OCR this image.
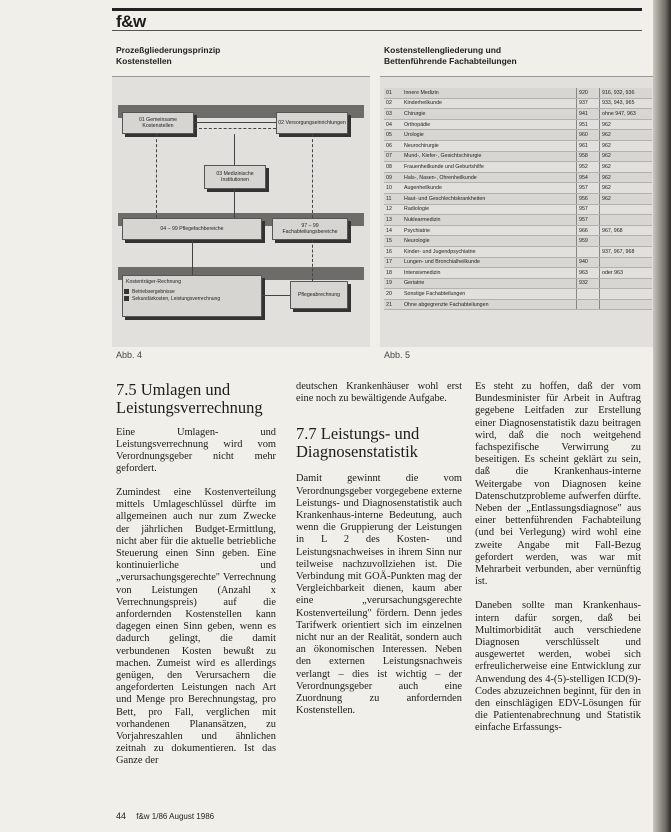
f&w
Prozeßgliederungsprinzip
Kostenstellen
01 Gemeinsame Kostenstellen
02 Versorgungseinrichtungen
03 Medizinische Institutionen
04 – 99 Pflegefachbereiche
97 – 99 Fachabteilungsbereiche
Kostenträger-Rechnung
Betriebsergebnisse
Sekundärkosten, Leistungsverrechnung
Pflegeabrechnung
Abb. 4
Kostenstellengliederung und
Bettenführende Fachabteilungen
01	Innere Medizin	920	916, 932, 936
02	Kinderheilkunde	937	933, 943, 965
03	Chirurgie	941	ohne 947, 963
04	Orthopädie	951	962
05	Urologie	960	962
06	Neurochirurgie	961	962
07	Mund-, Kiefer-, Gesichtschirurgie	958	962
08	Frauenheilkunde und Geburtshilfe	952	962
09	Hals-, Nasen-, Ohrenheilkunde	954	962
10	Augenheilkunde	957	962
11	Haut- und Geschlechtskrankheiten	956	962
12	Radiologie	957	
13	Nuklearmedizin	957	
14	Psychiatrie	966	967, 968
15	Neurologie	959	
16	Kinder- und Jugendpsychiatrie		937, 967, 968
17	Lungen- und Bronchialheilkunde	940	
18	Intensivmedizin	963	oder 963
19	Geriatrie	932	
20	Sonstige Fachabteilungen		
21	Ohne abgegrenzte Fachabteilungen		
Abb. 5
7.5 Umlagen und
Leistungsverrechnung

Eine Umlagen- und Leistungsverrechnung wird vom Verordnungsgeber nicht mehr gefordert.

Zumindest eine Kostenverteilung mittels Umlageschlüssel dürfte im allgemeinen auch nur zum Zwecke der jährlichen Budget-Ermittlung, nicht aber für die aktuelle betriebliche Steuerung einen Sinn geben. Eine kontinuierliche und „verursachungsgerechte" Verrechnung von Leistungen (Anzahl x Verrechnungspreis) auf die anfordernden Kostenstellen kann dagegen einen Sinn geben, wenn es dadurch gelingt, die damit verbundenen Kosten bewußt zu machen. Zumeist wird es allerdings genügen, den Verursachern die angeforderten Leistungen nach Art und Menge pro Berechnungstag, pro Bett, pro Fall, verglichen mit vorhandenen Planansätzen, zu Vorjahreszahlen und ähnlichen zeitnah zu dokumentieren. Ist das Ganze der

deutschen Krankenhäuser wohl erst eine noch zu bewältigende Aufgabe.

7.7 Leistungs- und
Diagnosenstatistik

Damit gewinnt die vom Verordnungsgeber vorgegebene externe Leistungs- und Diagnosenstatistik auch Krankenhaus-interne Bedeutung, auch wenn die Gruppierung der Leistungen in L 2 des Kosten- und Leistungsnachweises in ihrem Sinn nur teilweise nachzuvollziehen ist. Die Verbindung mit GOÄ-Punkten mag der Vergleichbarkeit dienen, kaum aber eine „verursachungsgerechte Kostenverteilung" fördern. Denn jedes Tarifwerk orientiert sich im einzelnen nicht nur an der Realität, sondern auch an ökonomischen Interessen. Neben den externen Leistungsnachweis verlangt – dies ist wichtig – der Verordnungsgeber auch eine Zuordnung zu anfordernden Kostenstellen.

Es steht zu hoffen, daß der vom Bundesminister für Arbeit in Auftrag gegebene Leitfaden zur Erstellung einer Diagnosenstatistik dazu beitragen wird, daß die noch weitgehend fachspezifische Verwirrung zu beseitigen. Es scheint geklärt zu sein, daß die Krankenhaus-interne Weitergabe von Diagnosen keine Datenschutzprobleme aufwerfen dürfte. Neben der „Entlassungsdiagnose" aus einer bettenführenden Fachabteilung (und bei Verlegung) wird wohl eine zweite Angabe mit Fall-Bezug gefordert werden, was war mit Mehrarbeit verbunden, aber vernünftig ist.

Daneben sollte man Krankenhaus-intern dafür sorgen, daß bei Multimorbidität auch verschiedene Diagnosen verschlüsselt und ausgewertet werden, wobei sich erfreulicherweise eine Entwicklung zur Anwendung des 4-(5)-stelligen ICD(9)-Codes abzuzeichnen beginnt, für den in den einschlägigen EDV-Lösungen für die Patientenabrechnung und Statistik einfache Erfassungs-

44 f&w 1/86 August 1986
